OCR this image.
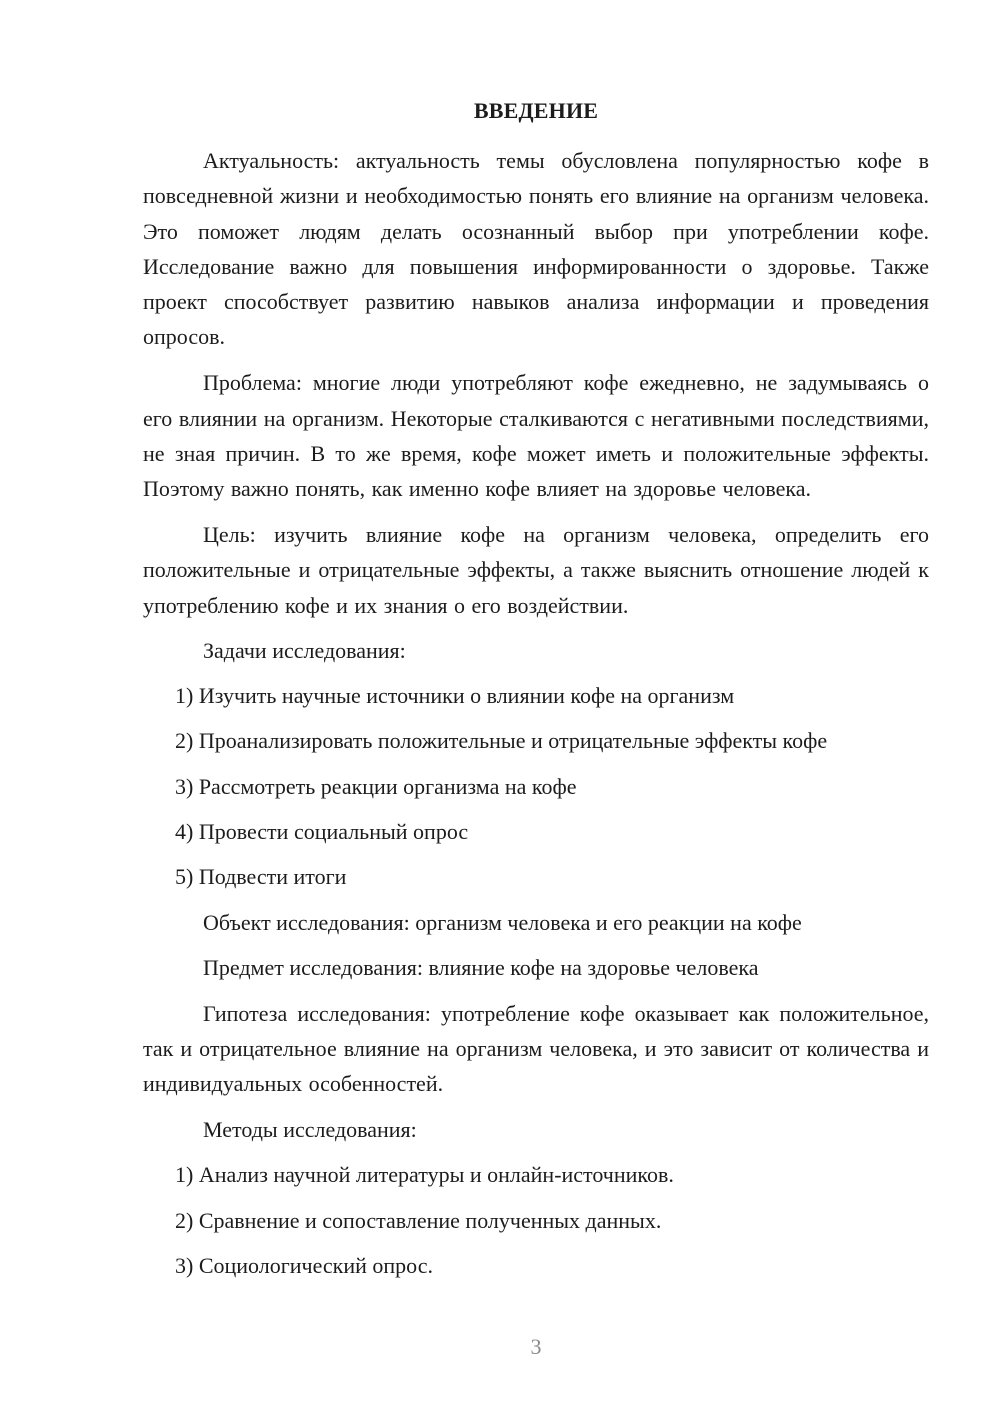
ВВЕДЕНИЕ

Актуальность: актуальность темы обусловлена популярностью кофе в повседневной жизни и необходимостью понять его влияние на организм человека. Это поможет людям делать осознанный выбор при употреблении кофе. Исследование важно для повышения информированности о здоровье. Также проект способствует развитию навыков анализа информации и проведения опросов.

Проблема: многие люди употребляют кофе ежедневно, не задумываясь о его влиянии на организм. Некоторые сталкиваются с негативными последствиями, не зная причин. В то же время, кофе может иметь и положительные эффекты. Поэтому важно понять, как именно кофе влияет на здоровье человека.

Цель: изучить влияние кофе на организм человека, определить его положительные и отрицательные эффекты, а также выяснить отношение людей к употреблению кофе и их знания о его воздействии.

Задачи исследования:

1) Изучить научные источники о влиянии кофе на организм

2) Проанализировать положительные и отрицательные эффекты кофе

3) Рассмотреть реакции организма на кофе

4) Провести социальный опрос

5) Подвести итоги

Объект исследования: организм человека и его реакции на кофе

Предмет исследования: влияние кофе на здоровье человека

Гипотеза исследования: употребление кофе оказывает как положительное, так и отрицательное влияние на организм человека, и это зависит от количества и индивидуальных особенностей.

Методы исследования:

1) Анализ научной литературы и онлайн-источников.

2) Сравнение и сопоставление полученных данных.

3) Социологический опрос.

3
